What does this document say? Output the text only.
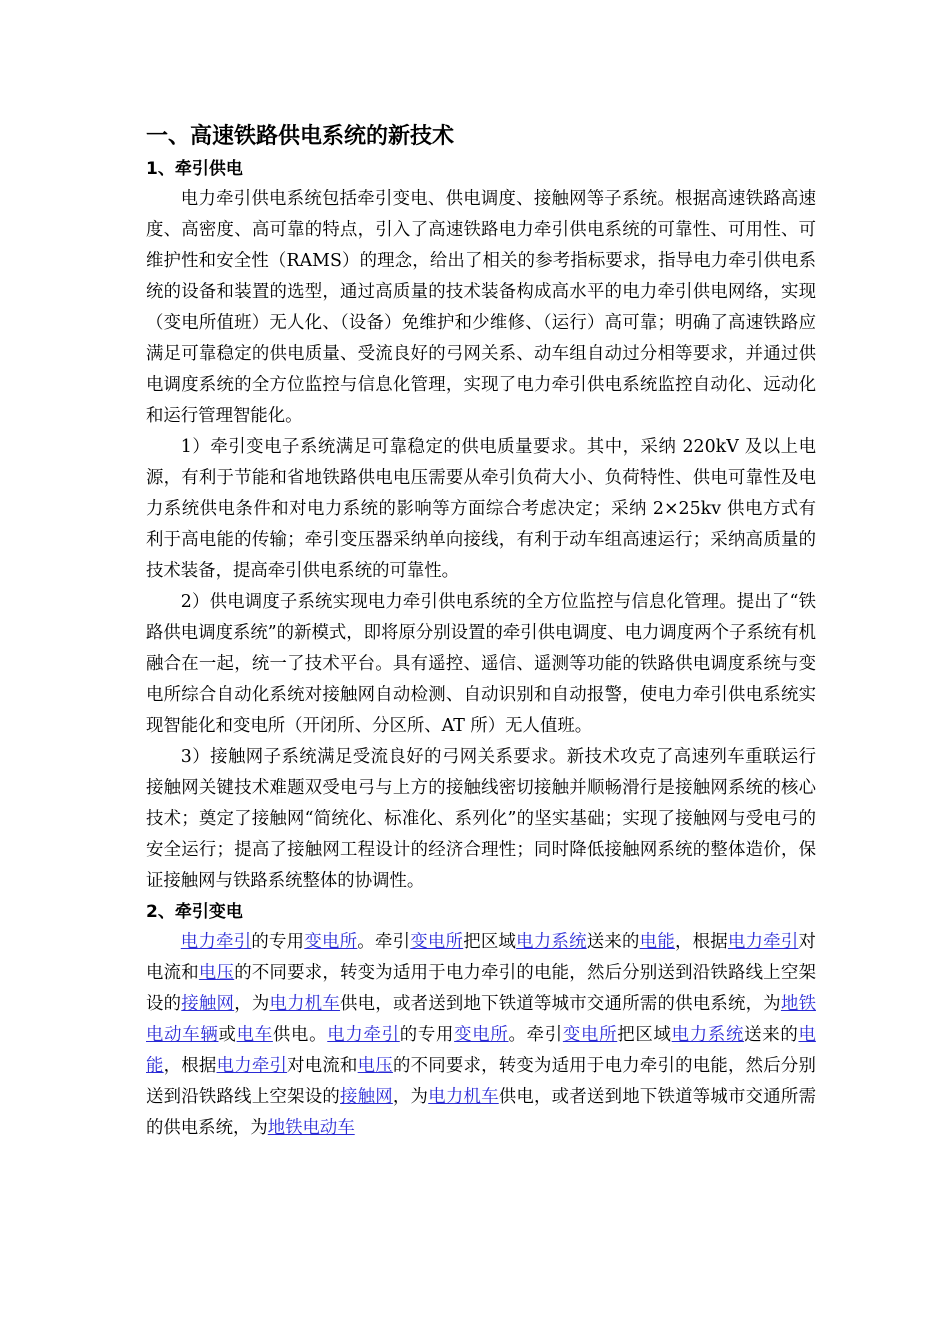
一、高速铁路供电系统的新技术
1、牵引供电

电力牵引供电系统包括牵引变电、供电调度、接触网等子系统。根据高速铁路高速度、高密度、高可靠的特点，引入了高速铁路电力牵引供电系统的可靠性、可用性、可维护性和安全性（RAMS）的理念，给出了相关的参考指标要求，指导电力牵引供电系统的设备和装置的选型，通过高质量的技术装备构成高水平的电力牵引供电网络，实现（变电所值班）无人化、（设备）免维护和少维修、（运行）高可靠；明确了高速铁路应满足可靠稳定的供电质量、受流良好的弓网关系、动车组自动过分相等要求，并通过供电调度系统的全方位监控与信息化管理，实现了电力牵引供电系统监控自动化、远动化和运行管理智能化。

1）牵引变电子系统满足可靠稳定的供电质量要求。其中，采纳 220kV 及以上电源，有利于节能和省地铁路供电电压需要从牵引负荷大小、负荷特性、供电可靠性及电力系统供电条件和对电力系统的影响等方面综合考虑决定；采纳 2×25kv 供电方式有利于高电能的传输；牵引变压器采纳单向接线，有利于动车组高速运行；采纳高质量的技术装备，提高牵引供电系统的可靠性。

2）供电调度子系统实现电力牵引供电系统的全方位监控与信息化管理。提出了“铁路供电调度系统”的新模式，即将原分别设置的牵引供电调度、电力调度两个子系统有机融合在一起，统一了技术平台。具有遥控、遥信、遥测等功能的铁路供电调度系统与变电所综合自动化系统对接触网自动检测、自动识别和自动报警，使电力牵引供电系统实现智能化和变电所（开闭所、分区所、AT 所）无人值班。

3）接触网子系统满足受流良好的弓网关系要求。新技术攻克了高速列车重联运行接触网关键技术难题双受电弓与上方的接触线密切接触并顺畅滑行是接触网系统的核心技术；奠定了接触网“简统化、标准化、系列化”的坚实基础；实现了接触网与受电弓的安全运行；提高了接触网工程设计的经济合理性；同时降低接触网系统的整体造价，保证接触网与铁路系统整体的协调性。

2、牵引变电

电力牵引的专用变电所。牵引变电所把区域电力系统送来的电能，根据电力牵引对电流和电压的不同要求，转变为适用于电力牵引的电能，然后分别送到沿铁路线上空架设的接触网，为电力机车供电，或者送到地下铁道等城市交通所需的供电系统，为地铁电动车辆或电车供电。电力牵引的专用变电所。牵引变电所把区域电力系统送来的电能，根据电力牵引对电流和电压的不同要求，转变为适用于电力牵引的电能，然后分别送到沿铁路线上空架设的接触网，为电力机车供电，或者送到地下铁道等城市交通所需的供电系统，为地铁电动车
